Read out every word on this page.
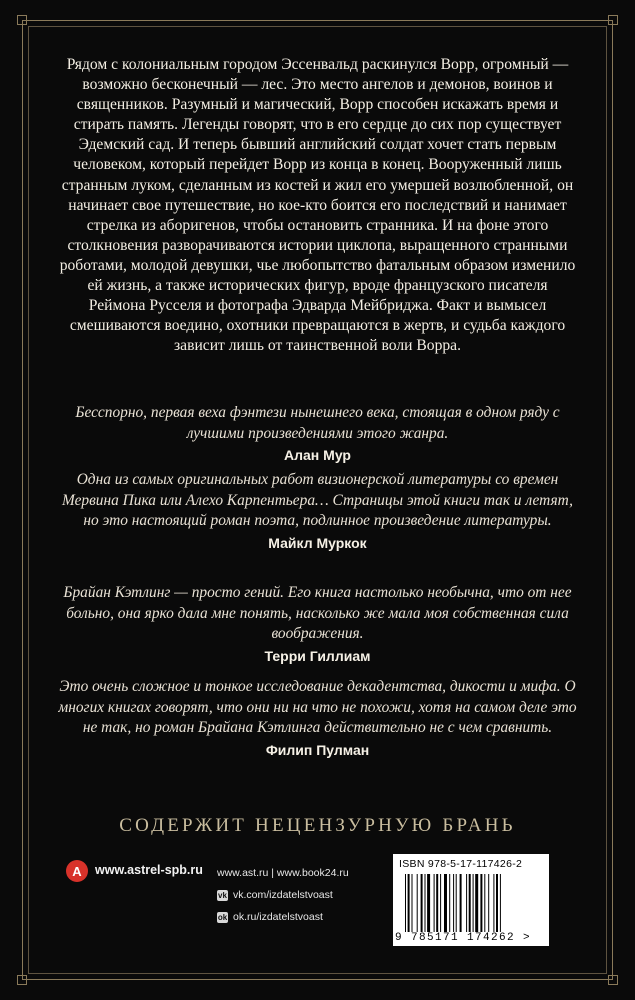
Рядом с колониальным городом Эссенвальд раскинулся Ворр, огромный — возможно бесконечный — лес. Это место ангелов и демонов, воинов и священников. Разумный и магический, Ворр способен искажать время и стирать память. Легенды говорят, что в его сердце до сих пор существует Эдемский сад. И теперь бывший английский солдат хочет стать первым человеком, который перейдет Ворр из конца в конец. Вооруженный лишь странным луком, сделанным из костей и жил его умершей возлюбленной, он начинает свое путешествие, но кое-кто боится его последствий и нанимает стрелка из аборигенов, чтобы остановить странника. И на фоне этого столкновения разворачиваются истории циклопа, выращенного странными роботами, молодой девушки, чье любопытство фатальным образом изменило ей жизнь, а также исторических фигур, вроде французского писателя Реймона Русселя и фотографа Эдварда Мейбриджа. Факт и вымысел смешиваются воедино, охотники превращаются в жертв, и судьба каждого зависит лишь от таинственной воли Ворра.

Бесспорно, первая веха фэнтези нынешнего века, стоящая в одном ряду с лучшими произведениями этого жанра.

Алан Мур

Одна из самых оригинальных работ визионерской литературы со времен Мервина Пика или Алехо Карпентьера… Страницы этой книги так и летят, но это настоящий роман поэта, подлинное произведение литературы.

Майкл Муркок

Брайан Кэтлинг — просто гений. Его книга настолько необычна, что от нее больно, она ярко дала мне понять, насколько же мала моя собственная сила воображения.

Терри Гиллиам

Это очень сложное и тонкое исследование декадентства, дикости и мифа. О многих книгах говорят, что они ни на что не похожи, хотя на самом деле это не так, но роман Брайана Кэтлинга действительно не с чем сравнить.

Филип Пулман
СОДЕРЖИТ НЕЦЕНЗУРНУЮ БРАНЬ
A	www.astrel-spb.ru www.ast.ru | www.book24.ru
vk vk.com/izdatelstvoast
ok ok.ru/izdatelstvoast
ISBN 978-5-17-117426-2
9 785171 174262 >
